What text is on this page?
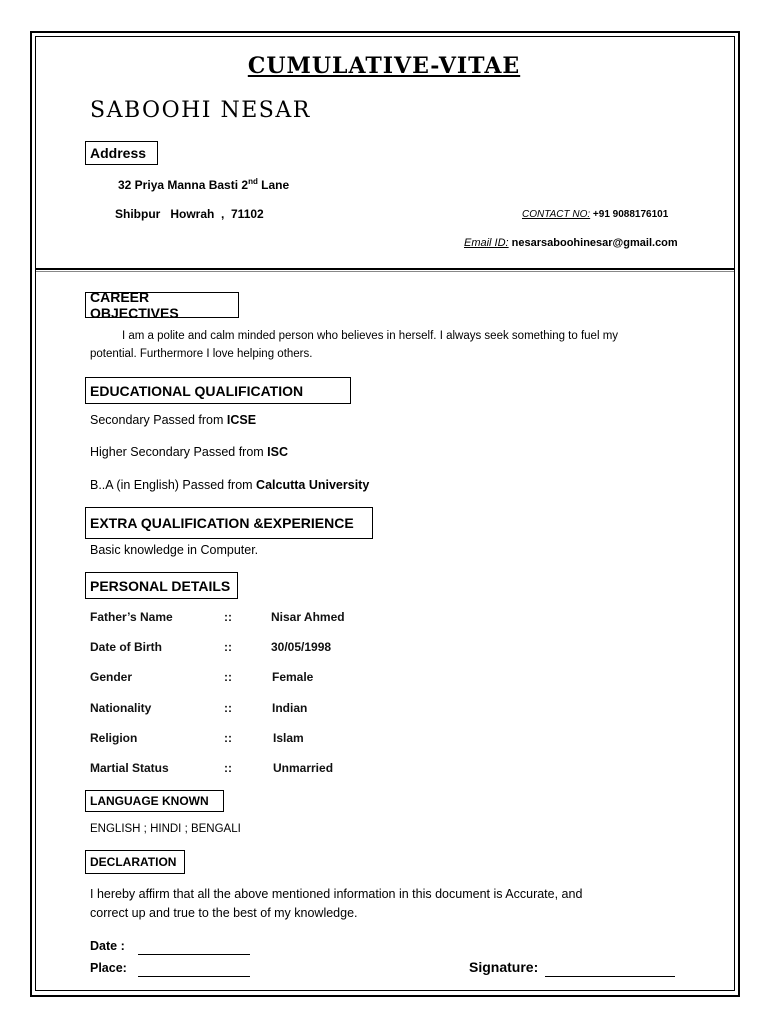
CUMULATIVE-VITAE
SABOOHI NESAR
Address
32 Priya Manna Basti 2nd Lane
Shibpur   Howrah  ,  71102	CONTACT NO: +91 9088176101
Email ID: nesarsaboohinesar@gmail.com
CAREER OBJECTIVES
I am a polite and calm minded person who believes in herself. I always seek something to fuel my
potential. Furthermore I love helping others.
EDUCATIONAL QUALIFICATION
Secondary Passed from ICSE
Higher Secondary Passed from ISC
B..A (in English) Passed from Calcutta University
EXTRA QUALIFICATION &EXPERIENCE
Basic knowledge in Computer.
PERSONAL DETAILS
Father’s Name	::	Nisar Ahmed
Date of Birth	::	30/05/1998
Gender	::	Female
Nationality	::	Indian
Religion	::	Islam
Martial Status	::	Unmarried
LANGUAGE KNOWN
ENGLISH ; HINDI ; BENGALI
DECLARATION
I hereby affirm that all the above mentioned information in this document is Accurate, and
correct up and true to the best of my knowledge.
Date :
Place:	Signature:
